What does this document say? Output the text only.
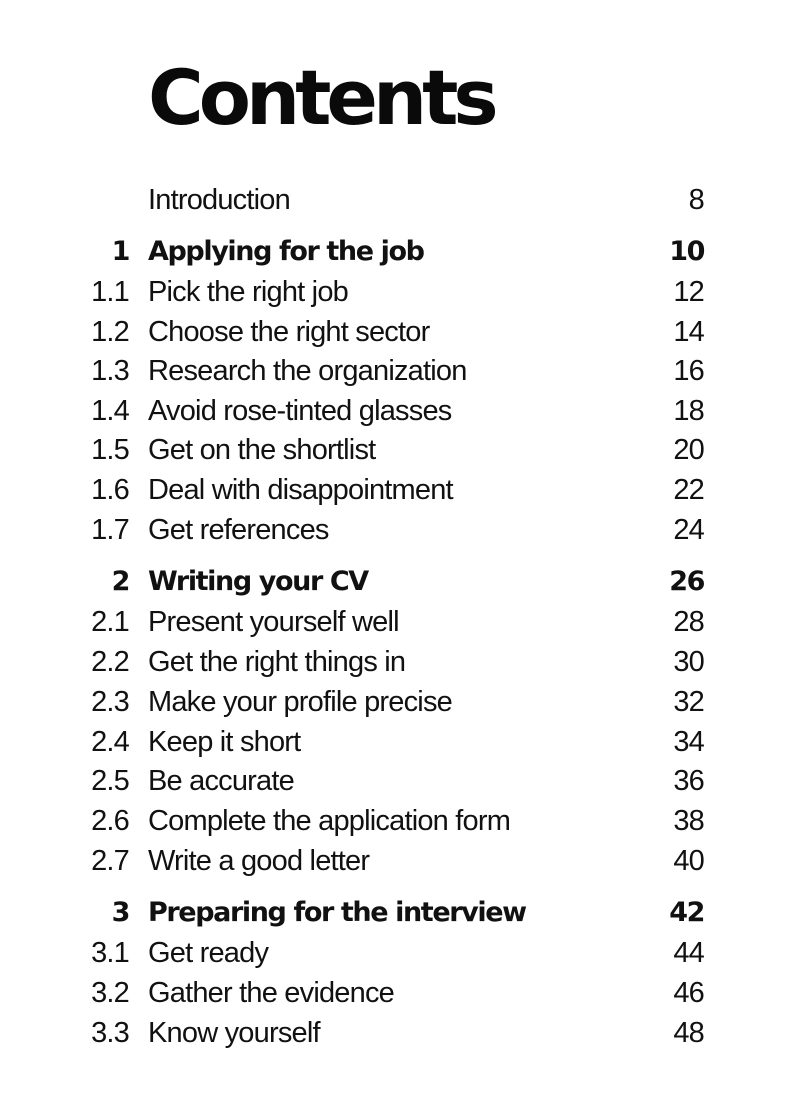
Contents
Introduction	8
1 Applying for the job	10
1.1 Pick the right job	12
1.2 Choose the right sector	14
1.3 Research the organization	16
1.4 Avoid rose-tinted glasses	18
1.5 Get on the shortlist	20
1.6 Deal with disappointment	22
1.7 Get references	24
2 Writing your CV	26
2.1 Present yourself well	28
2.2 Get the right things in	30
2.3 Make your profile precise	32
2.4 Keep it short	34
2.5 Be accurate	36
2.6 Complete the application form	38
2.7 Write a good letter	40
3 Preparing for the interview	42
3.1 Get ready	44
3.2 Gather the evidence	46
3.3 Know yourself	48
